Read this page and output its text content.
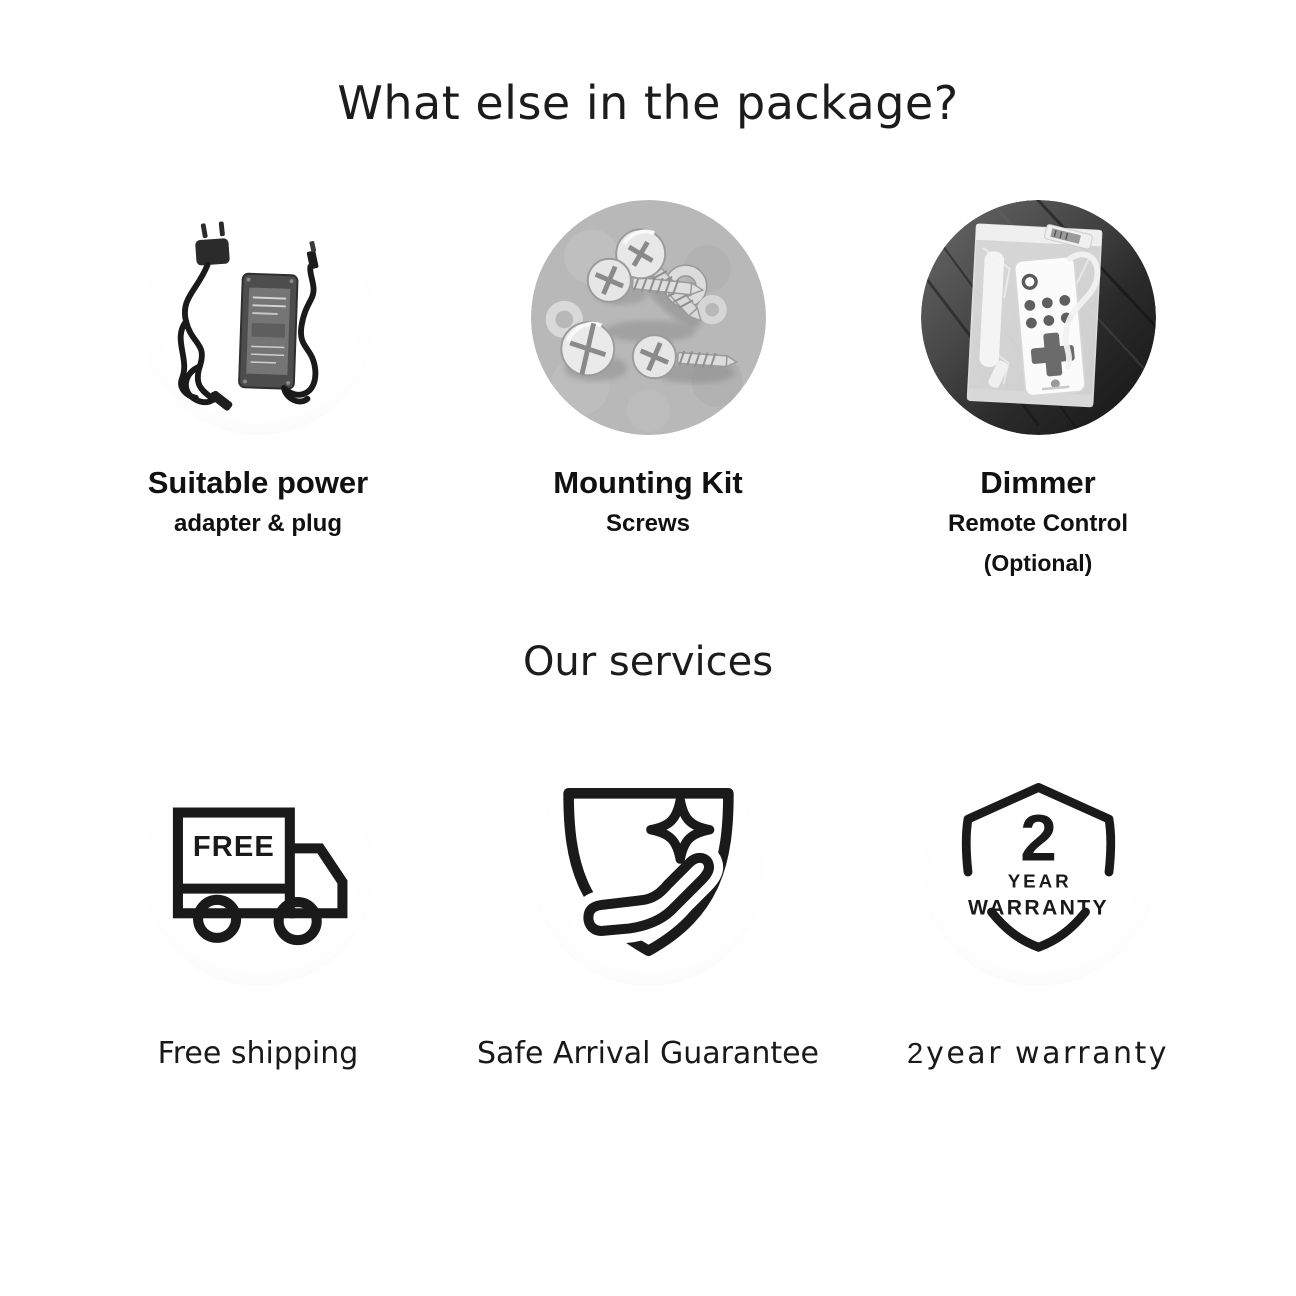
What else in the package?
Suitable power
adapter & plug
Mounting Kit
Screws
Dimmer
Remote Control
(Optional)
Our services
FREE
Free shipping	Safe Arrival Guarantee
2
YEAR
WARRANTY
2 year warranty
